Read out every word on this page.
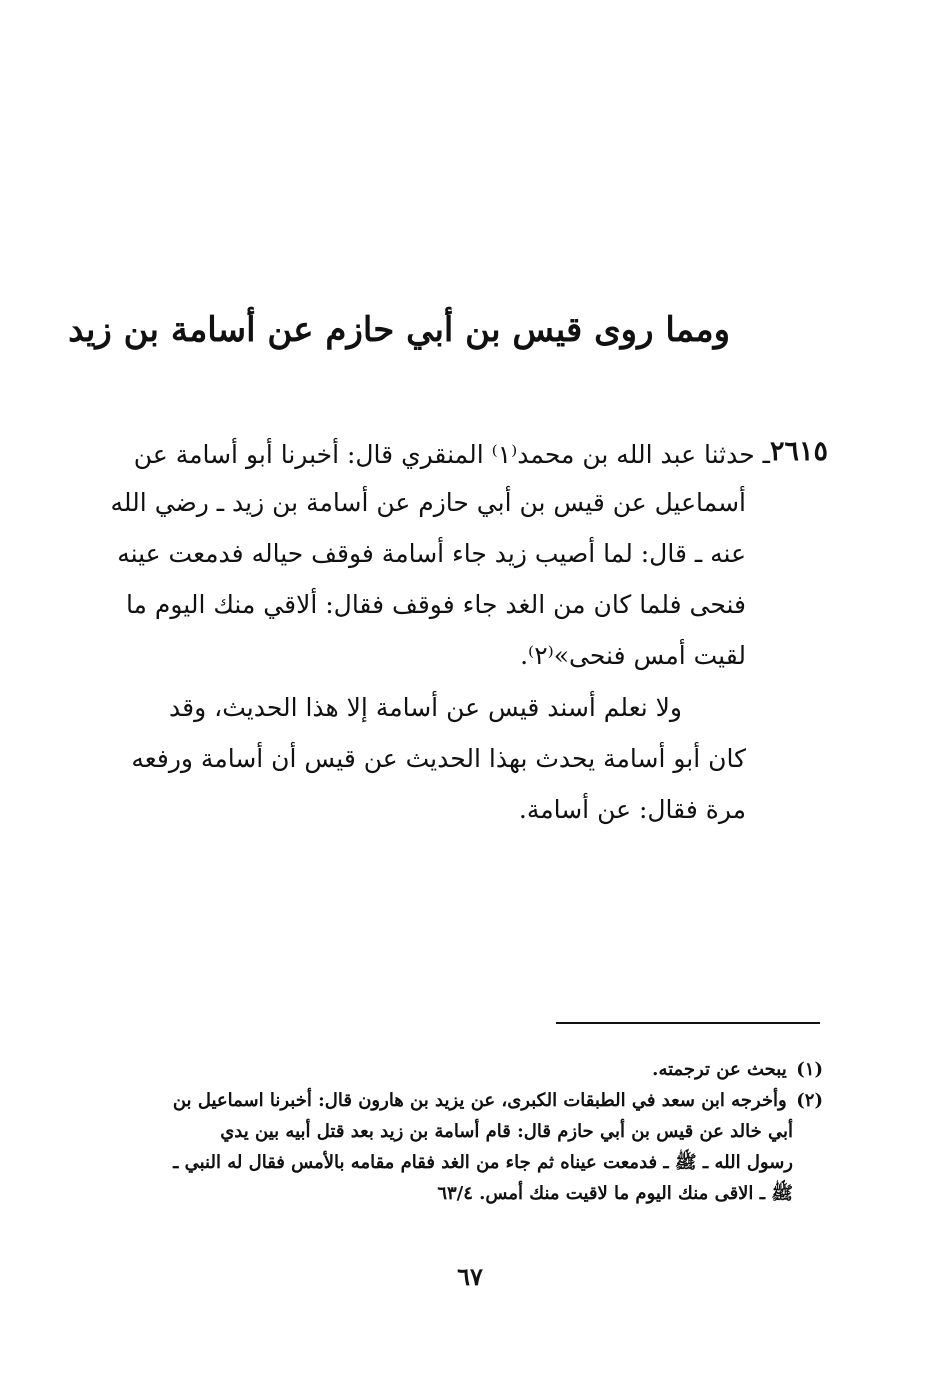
ومما روى قيس بن أبي حازم عن أسامة بن زيد
٢٦١٥
ـ حدثنا عبد الله بن محمد⁽١⁾ المنقري قال: أخبرنا أبو أسامة عن
أسماعيل عن قيس بن أبي حازم عن أسامة بن زيد ـ رضي الله
عنه ـ قال: لما أصيب زيد جاء أسامة فوقف حياله فدمعت عينه
فنحى فلما كان من الغد جاء فوقف فقال: ألاقي منك اليوم ما
لقيت أمس فنحى»⁽٢⁾.
ولا نعلم أسند قيس عن أسامة إلا هذا الحديث، وقد
كان أبو أسامة يحدث بهذا الحديث عن قيس أن أسامة ورفعه
مرة فقال: عن أسامة.
(١) يبحث عن ترجمته.
(٢) وأخرجه ابن سعد في الطبقات الكبرى، عن يزيد بن هارون قال: أخبرنا اسماعيل بن
أبي خالد عن قيس بن أبي حازم قال: قام أسامة بن زيد بعد قتل أبيه بين يدي
رسول الله ـ ﷺ ـ فدمعت عيناه ثم جاء من الغد فقام مقامه بالأمس فقال له النبي ـ
ﷺ ـ الاقى منك اليوم ما لاقيت منك أمس. ٦٣/٤
٦٧
